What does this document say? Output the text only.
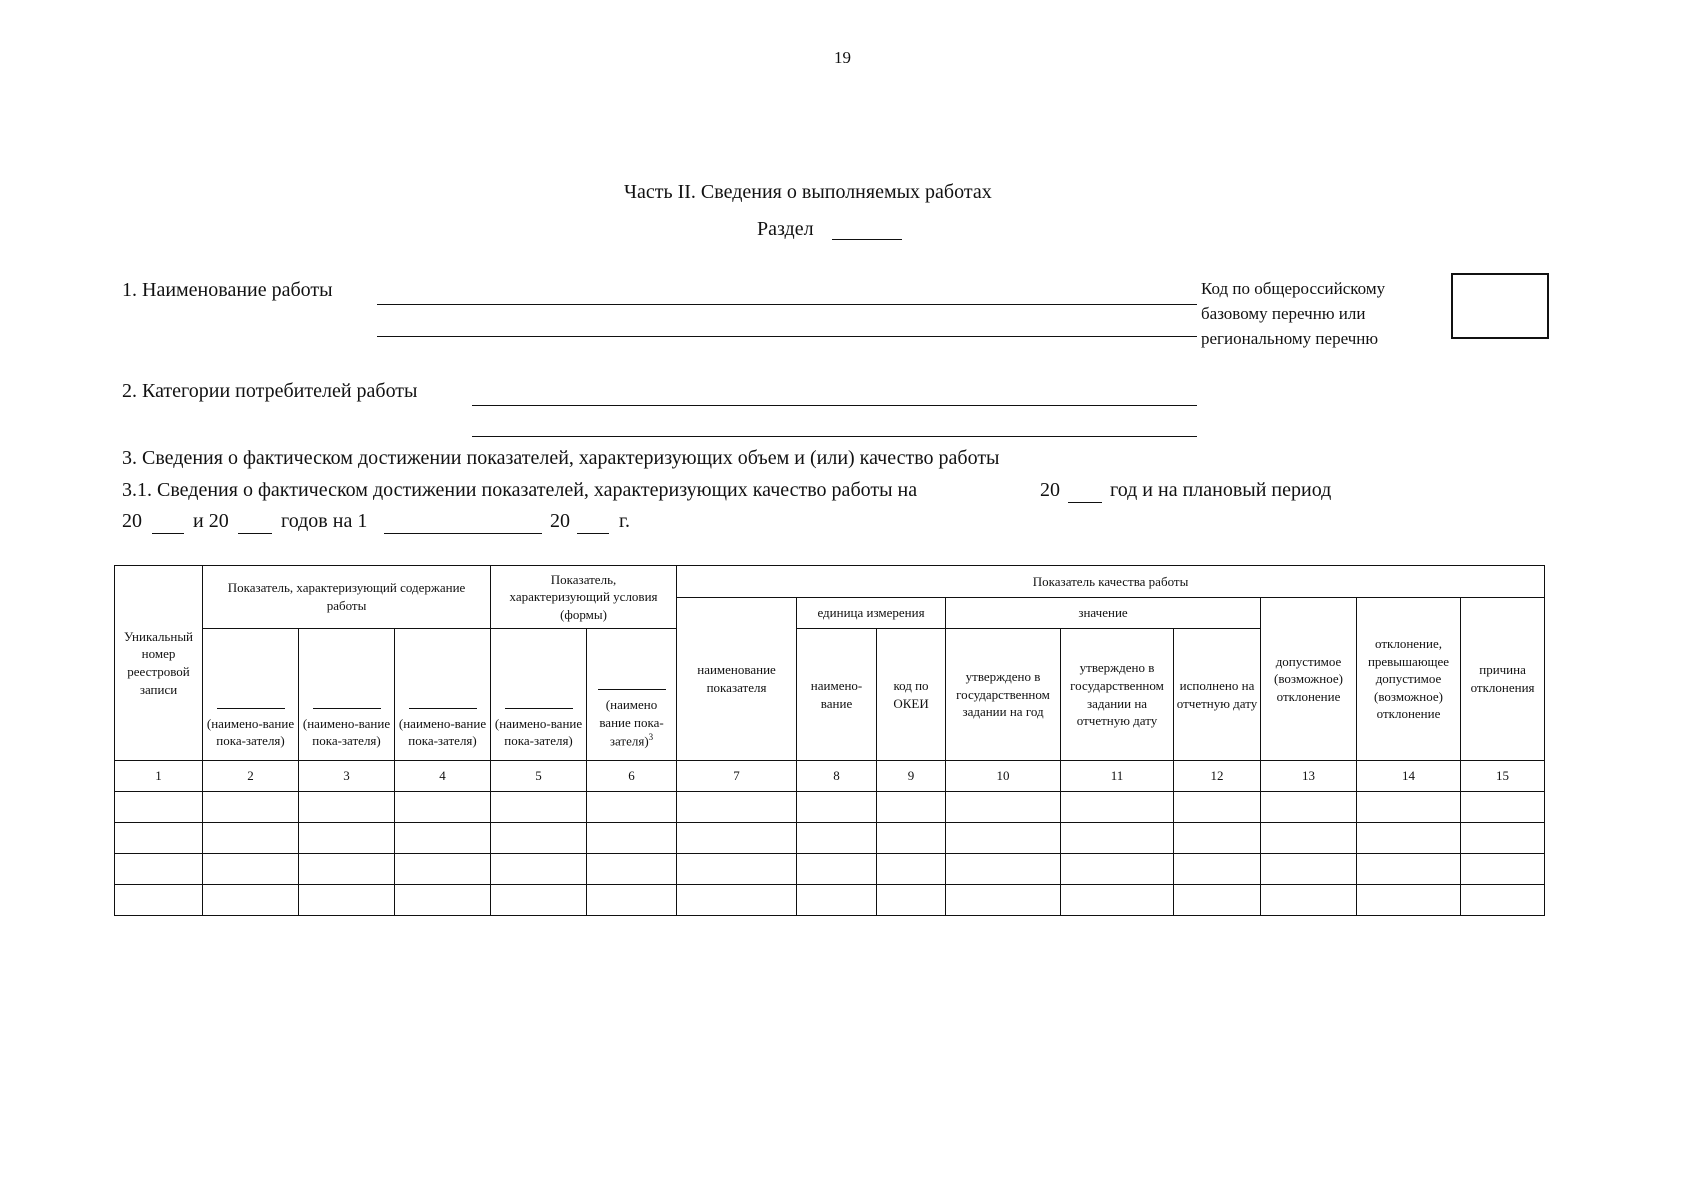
19
Часть II. Сведения о выполняемых работах
Раздел
1. Наименование работы	Код по общероссийскому
базовому перечню или
региональному перечню
2. Категории потребителей работы
3. Сведения о фактическом достижении показателей, характеризующих объем и (или) качество работы
3.1. Сведения о фактическом достижении показателей, характеризующих качество работы на	20	год и на плановый период
20	и 20	годов на 1	20 г.
Уникальный номер реестровой записи	Показатель, характеризующий содержание работы			Показатель, характеризующий условия (формы)		Показатель качества работы								
						наименование показателя	единица измерения		значение			допустимое (возможное) отклонение	отклонение, превышающее допустимое (возможное) отклонение	причина отклонения

(наимено-вание пока-зателя)	(наимено-вание пока-зателя)	(наимено-вание пока-зателя)	(наимено-вание пока-зателя)	(наимено вание пока-зателя)$^3$		наимено-вание	код по ОКЕИ	утверждено в государственном задании на год	утверждено в государственном задании на отчетную дату	исполнено на отчетную дату			
1	2	3	4	5	6	7	8	9	10	11	12	13	14	15
